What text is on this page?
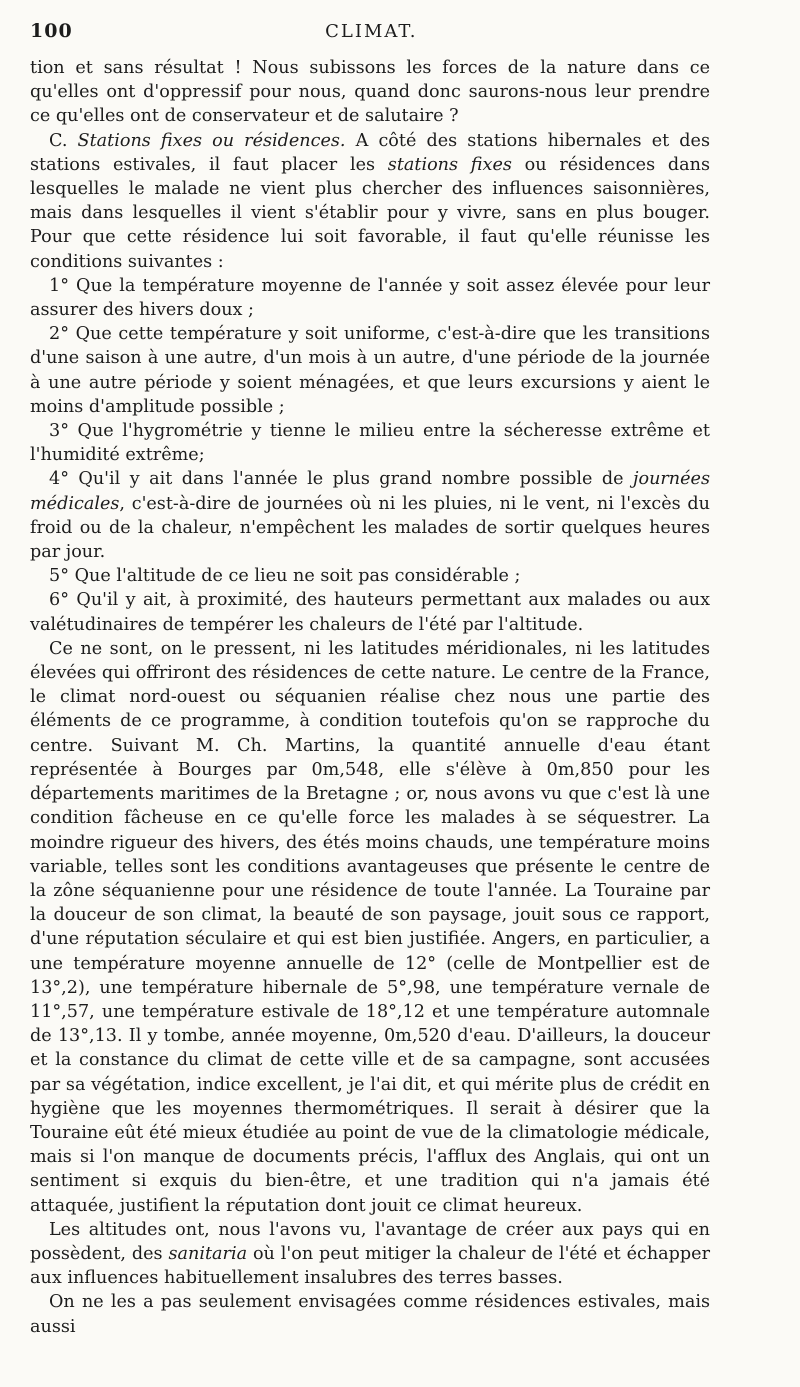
100	CLIMAT.

tion et sans résultat ! Nous subissons les forces de la nature dans ce qu'elles ont d'oppressif pour nous, quand donc saurons-nous leur prendre ce qu'elles ont de conservateur et de salutaire ?

C. Stations fixes ou résidences. A côté des stations hibernales et des stations estivales, il faut placer les stations fixes ou résidences dans lesquelles le malade ne vient plus chercher des influences saisonnières, mais dans lesquelles il vient s'établir pour y vivre, sans en plus bouger. Pour que cette résidence lui soit favorable, il faut qu'elle réunisse les conditions suivantes :

1° Que la température moyenne de l'année y soit assez élevée pour leur assurer des hivers doux ;

2° Que cette température y soit uniforme, c'est-à-dire que les transitions d'une saison à une autre, d'un mois à un autre, d'une période de la journée à une autre période y soient ménagées, et que leurs excursions y aient le moins d'amplitude possible ;

3° Que l'hygrométrie y tienne le milieu entre la sécheresse extrême et l'humidité extrême;

4° Qu'il y ait dans l'année le plus grand nombre possible de journées médicales, c'est-à-dire de journées où ni les pluies, ni le vent, ni l'excès du froid ou de la chaleur, n'empêchent les malades de sortir quelques heures par jour.

5° Que l'altitude de ce lieu ne soit pas considérable ;

6° Qu'il y ait, à proximité, des hauteurs permettant aux malades ou aux valétudinaires de tempérer les chaleurs de l'été par l'altitude.

Ce ne sont, on le pressent, ni les latitudes méridionales, ni les latitudes élevées qui offriront des résidences de cette nature. Le centre de la France, le climat nord-ouest ou séquanien réalise chez nous une partie des éléments de ce programme, à condition toutefois qu'on se rapproche du centre. Suivant M. Ch. Martins, la quantité annuelle d'eau étant représentée à Bourges par 0m,548, elle s'élève à 0m,850 pour les départements maritimes de la Bretagne ; or, nous avons vu que c'est là une condition fâcheuse en ce qu'elle force les malades à se séquestrer. La moindre rigueur des hivers, des étés moins chauds, une température moins variable, telles sont les conditions avantageuses que présente le centre de la zône séquanienne pour une résidence de toute l'année. La Touraine par la douceur de son climat, la beauté de son paysage, jouit sous ce rapport, d'une réputation séculaire et qui est bien justifiée. Angers, en particulier, a une température moyenne annuelle de 12° (celle de Montpellier est de 13°,2), une température hibernale de 5°,98, une température vernale de 11°,57, une température estivale de 18°,12 et une température automnale de 13°,13. Il y tombe, année moyenne, 0m,520 d'eau. D'ailleurs, la douceur et la constance du climat de cette ville et de sa campagne, sont accusées par sa végétation, indice excellent, je l'ai dit, et qui mérite plus de crédit en hygiène que les moyennes thermométriques. Il serait à désirer que la Touraine eût été mieux étudiée au point de vue de la climatologie médicale, mais si l'on manque de documents précis, l'afflux des Anglais, qui ont un sentiment si exquis du bien-être, et une tradition qui n'a jamais été attaquée, justifient la réputation dont jouit ce climat heureux.

Les altitudes ont, nous l'avons vu, l'avantage de créer aux pays qui en possèdent, des sanitaria où l'on peut mitiger la chaleur de l'été et échapper aux influences habituellement insalubres des terres basses.

On ne les a pas seulement envisagées comme résidences estivales, mais aussi
